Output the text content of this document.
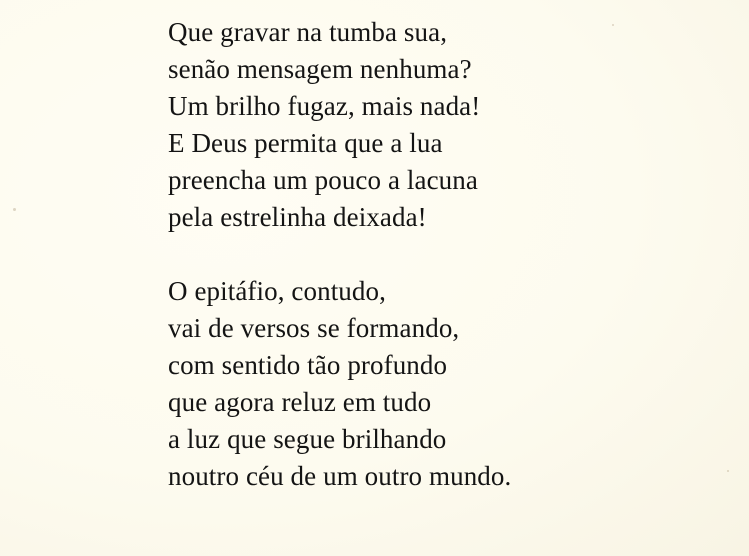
Que gravar na tumba sua,
senão mensagem nenhuma?
Um brilho fugaz, mais nada!
E Deus permita que a lua
preencha um pouco a lacuna
pela estrelinha deixada!
O epitáfio, contudo,
vai de versos se formando,
com sentido tão profundo
que agora reluz em tudo
a luz que segue brilhando
noutro céu de um outro mundo.
